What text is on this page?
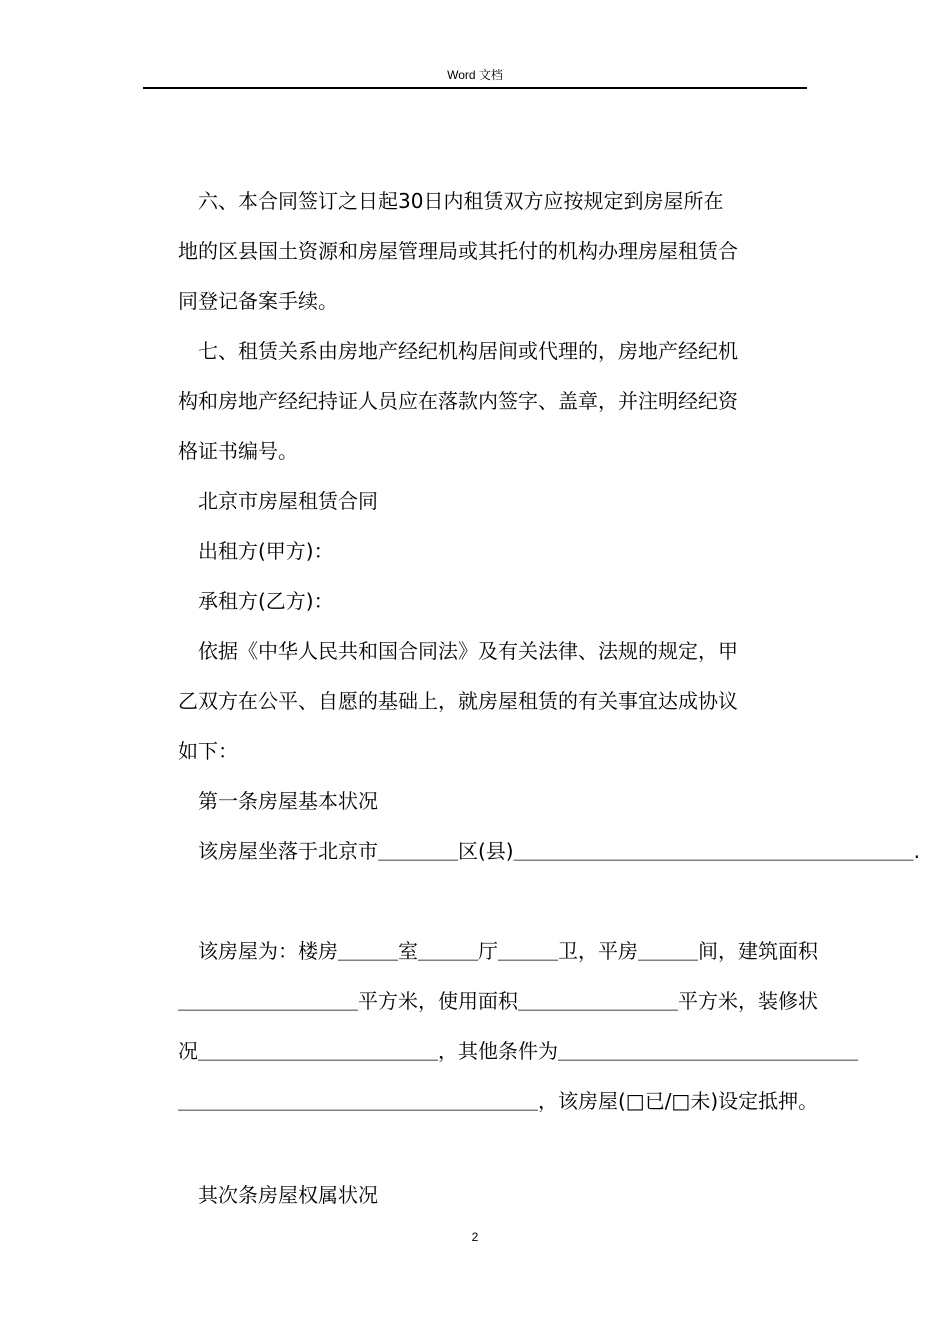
Word 文档
　六、本合同签订之日起30日内租赁双方应按规定到房屋所在
地的区县国土资源和房屋管理局或其托付的机构办理房屋租赁合
同登记备案手续。
　七、租赁关系由房地产经纪机构居间或代理的，房地产经纪机
构和房地产经纪持证人员应在落款内签字、盖章，并注明经纪资
格证书编号。
　北京市房屋租赁合同
　出租方(甲方)：
　承租方(乙方)：
　依据《中华人民共和国合同法》及有关法律、法规的规定，甲
乙双方在公平、自愿的基础上，就房屋租赁的有关事宜达成协议
如下：
　第一条房屋基本状况
　该房屋坐落于北京市＿＿＿＿区(县)＿＿＿＿＿＿＿＿＿＿＿＿＿＿＿＿＿＿＿＿.
　该房屋为：楼房＿＿＿室＿＿＿厅＿＿＿卫，平房＿＿＿间，建筑面积
＿＿＿＿＿＿＿＿＿平方米，使用面积＿＿＿＿＿＿＿＿平方米，装修状
况＿＿＿＿＿＿＿＿＿＿＿＿，其他条件为＿＿＿＿＿＿＿＿＿＿＿＿＿＿＿
＿＿＿＿＿＿＿＿＿＿＿＿＿＿＿＿＿＿，该房屋(□已/□未)设定抵押。
　其次条房屋权属状况
2
